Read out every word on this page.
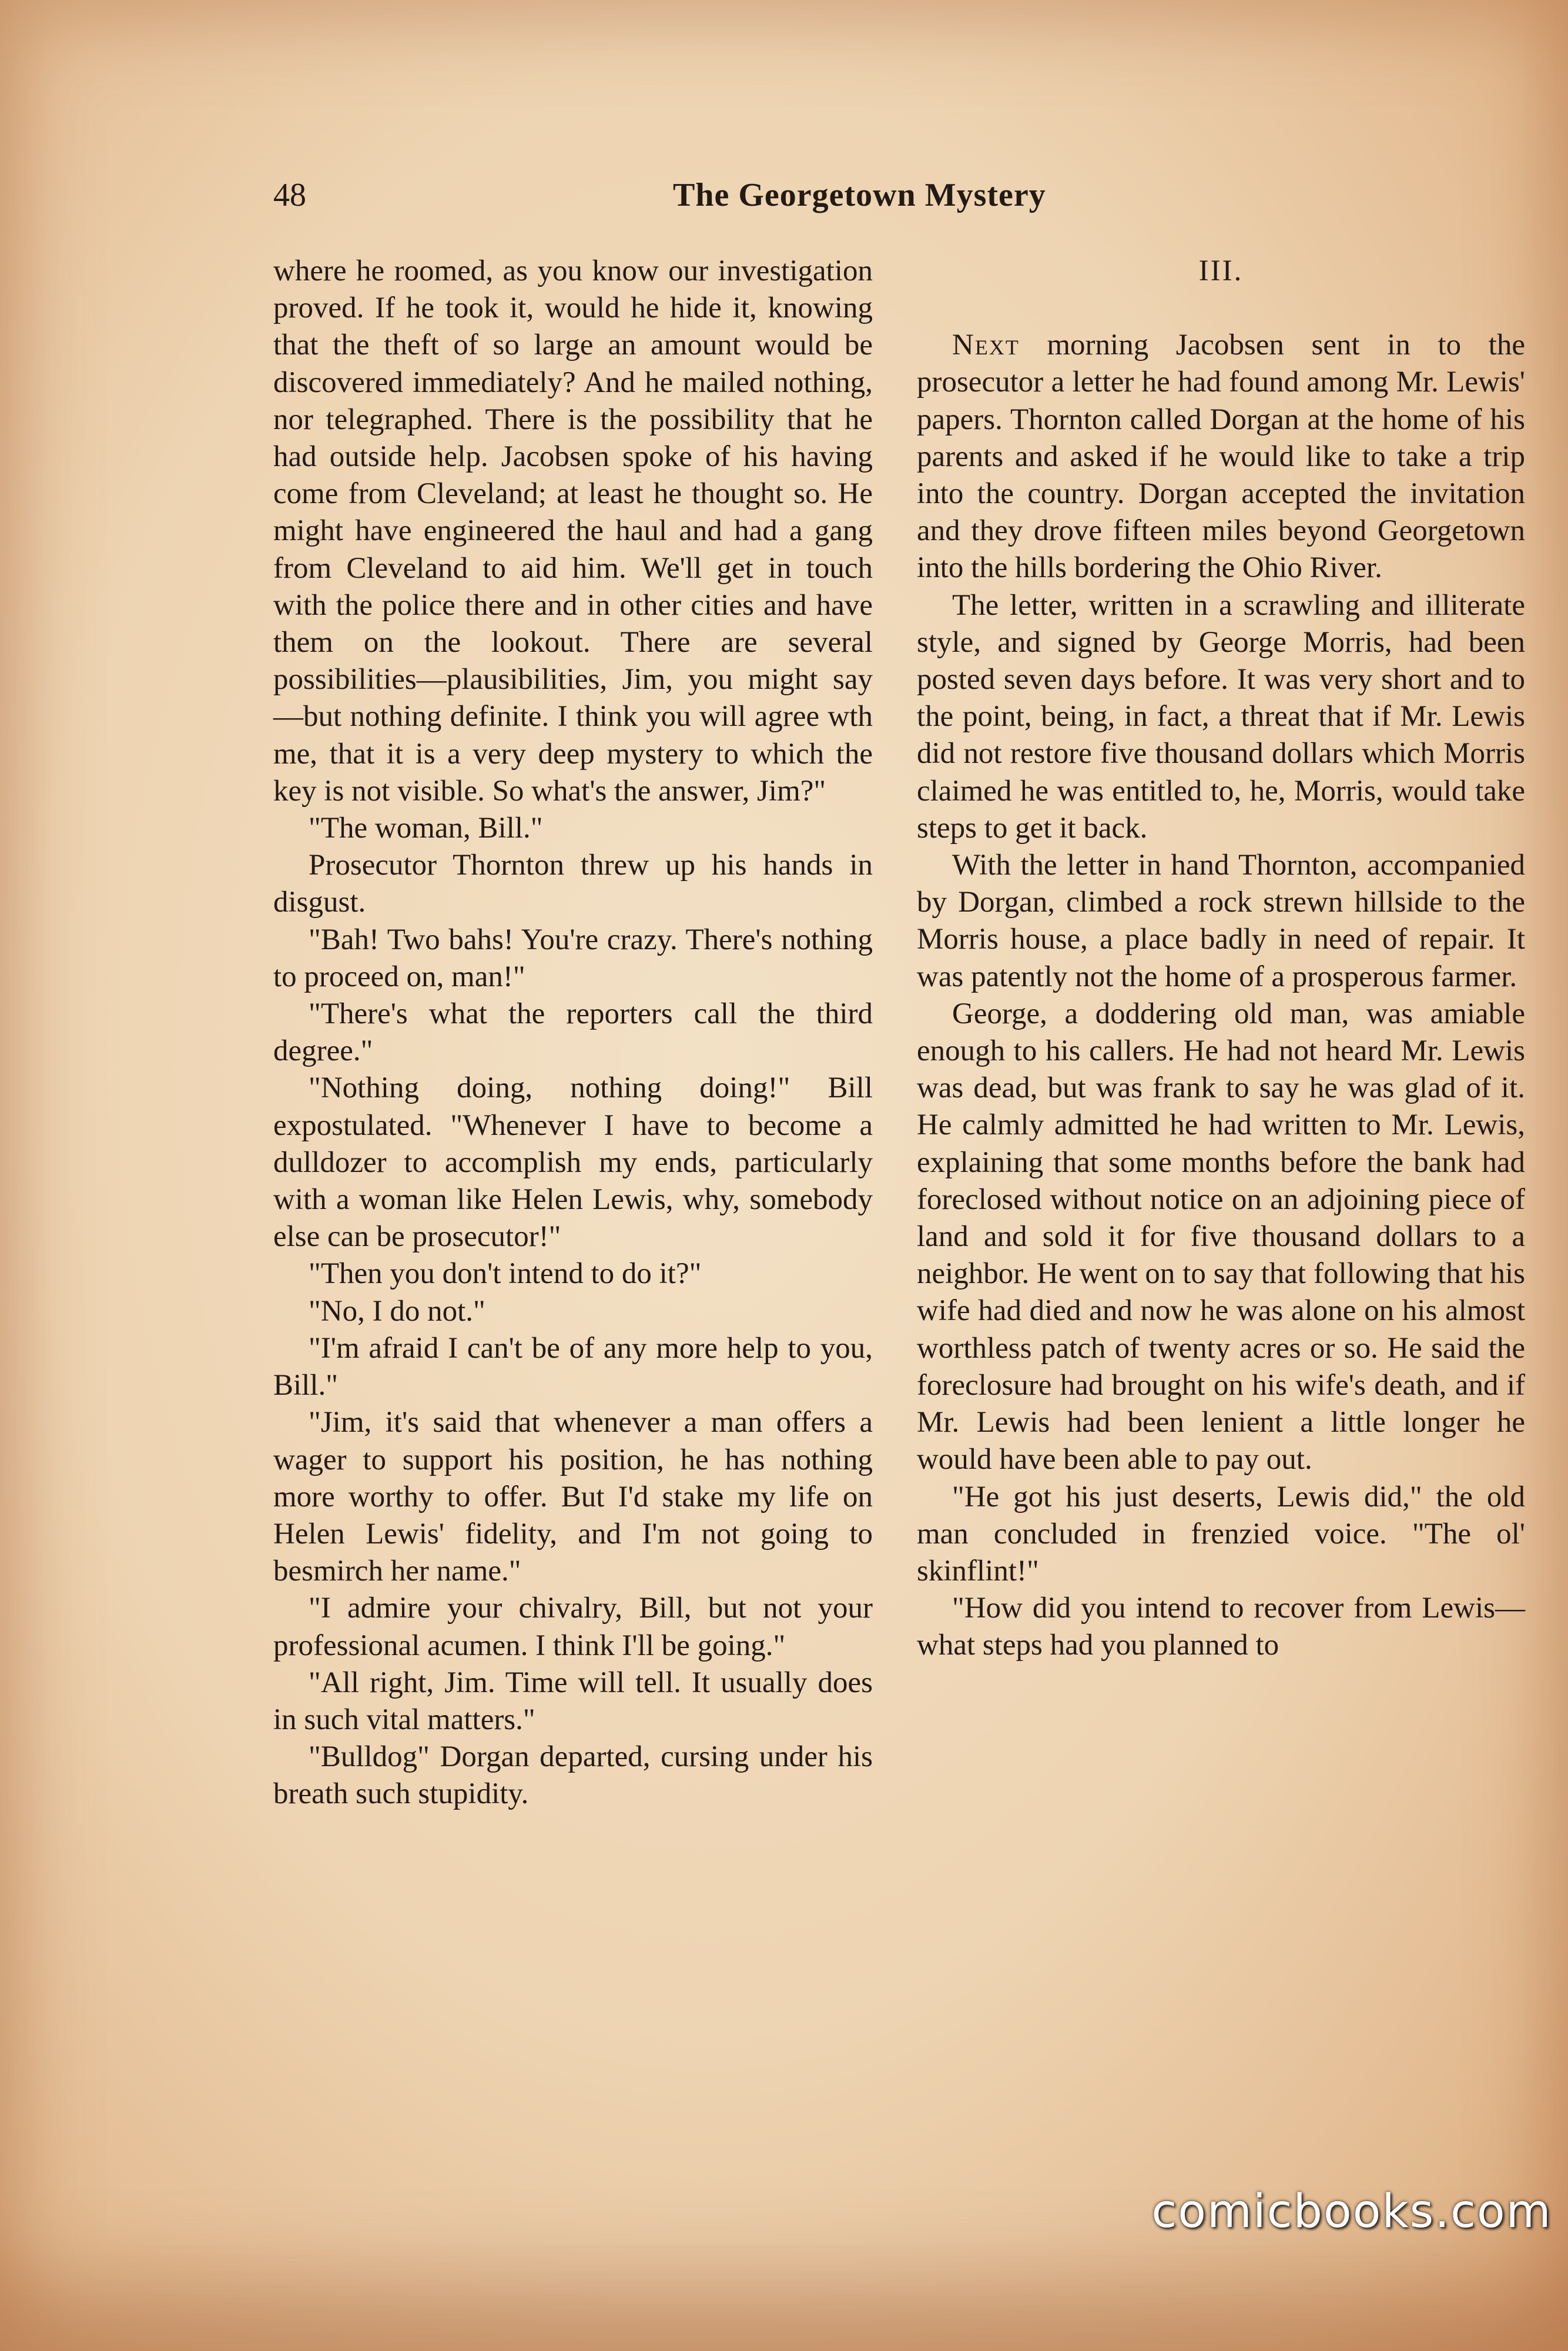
48	The Georgetown Mystery

where he roomed, as you know our investigation proved. If he took it, would he hide it, knowing that the theft of so large an amount would be discovered immediately? And he mailed nothing, nor telegraphed. There is the possibility that he had outside help. Jacobsen spoke of his having come from Cleveland; at least he thought so. He might have engineered the haul and had a gang from Cleveland to aid him. We'll get in touch with the police there and in other cities and have them on the lookout. There are several possibilities—plausibilities, Jim, you might say—but nothing definite. I think you will agree wth me, that it is a very deep mystery to which the key is not visible. So what's the answer, Jim?"

"The woman, Bill."

Prosecutor Thornton threw up his hands in disgust.

"Bah! Two bahs! You're crazy. There's nothing to proceed on, man!"

"There's what the reporters call the third degree."

"Nothing doing, nothing doing!" Bill expostulated. "Whenever I have to become a dulldozer to accomplish my ends, particularly with a woman like Helen Lewis, why, somebody else can be prosecutor!"

"Then you don't intend to do it?"

"No, I do not."

"I'm afraid I can't be of any more help to you, Bill."

"Jim, it's said that whenever a man offers a wager to support his position, he has nothing more worthy to offer. But I'd stake my life on Helen Lewis' fidelity, and I'm not going to besmirch her name."

"I admire your chivalry, Bill, but not your professional acumen. I think I'll be going."

"All right, Jim. Time will tell. It usually does in such vital matters."

"Bulldog" Dorgan departed, cursing under his breath such stupidity.

III.

Next morning Jacobsen sent in to the prosecutor a letter he had found among Mr. Lewis' papers. Thornton called Dorgan at the home of his parents and asked if he would like to take a trip into the country. Dorgan accepted the invitation and they drove fifteen miles beyond Georgetown into the hills bordering the Ohio River.

The letter, written in a scrawling and illiterate style, and signed by George Morris, had been posted seven days before. It was very short and to the point, being, in fact, a threat that if Mr. Lewis did not restore five thousand dollars which Morris claimed he was entitled to, he, Morris, would take steps to get it back.

With the letter in hand Thornton, accompanied by Dorgan, climbed a rock strewn hillside to the Morris house, a place badly in need of repair. It was patently not the home of a prosperous farmer.

George, a doddering old man, was amiable enough to his callers. He had not heard Mr. Lewis was dead, but was frank to say he was glad of it. He calmly admitted he had written to Mr. Lewis, explaining that some months before the bank had foreclosed without notice on an adjoining piece of land and sold it for five thousand dollars to a neighbor. He went on to say that following that his wife had died and now he was alone on his almost worthless patch of twenty acres or so. He said the foreclosure had brought on his wife's death, and if Mr. Lewis had been lenient a little longer he would have been able to pay out.

"He got his just deserts, Lewis did," the old man concluded in frenzied voice. "The ol' skinflint!"

"How did you intend to recover from Lewis—what steps had you planned to

comicbooks.com
